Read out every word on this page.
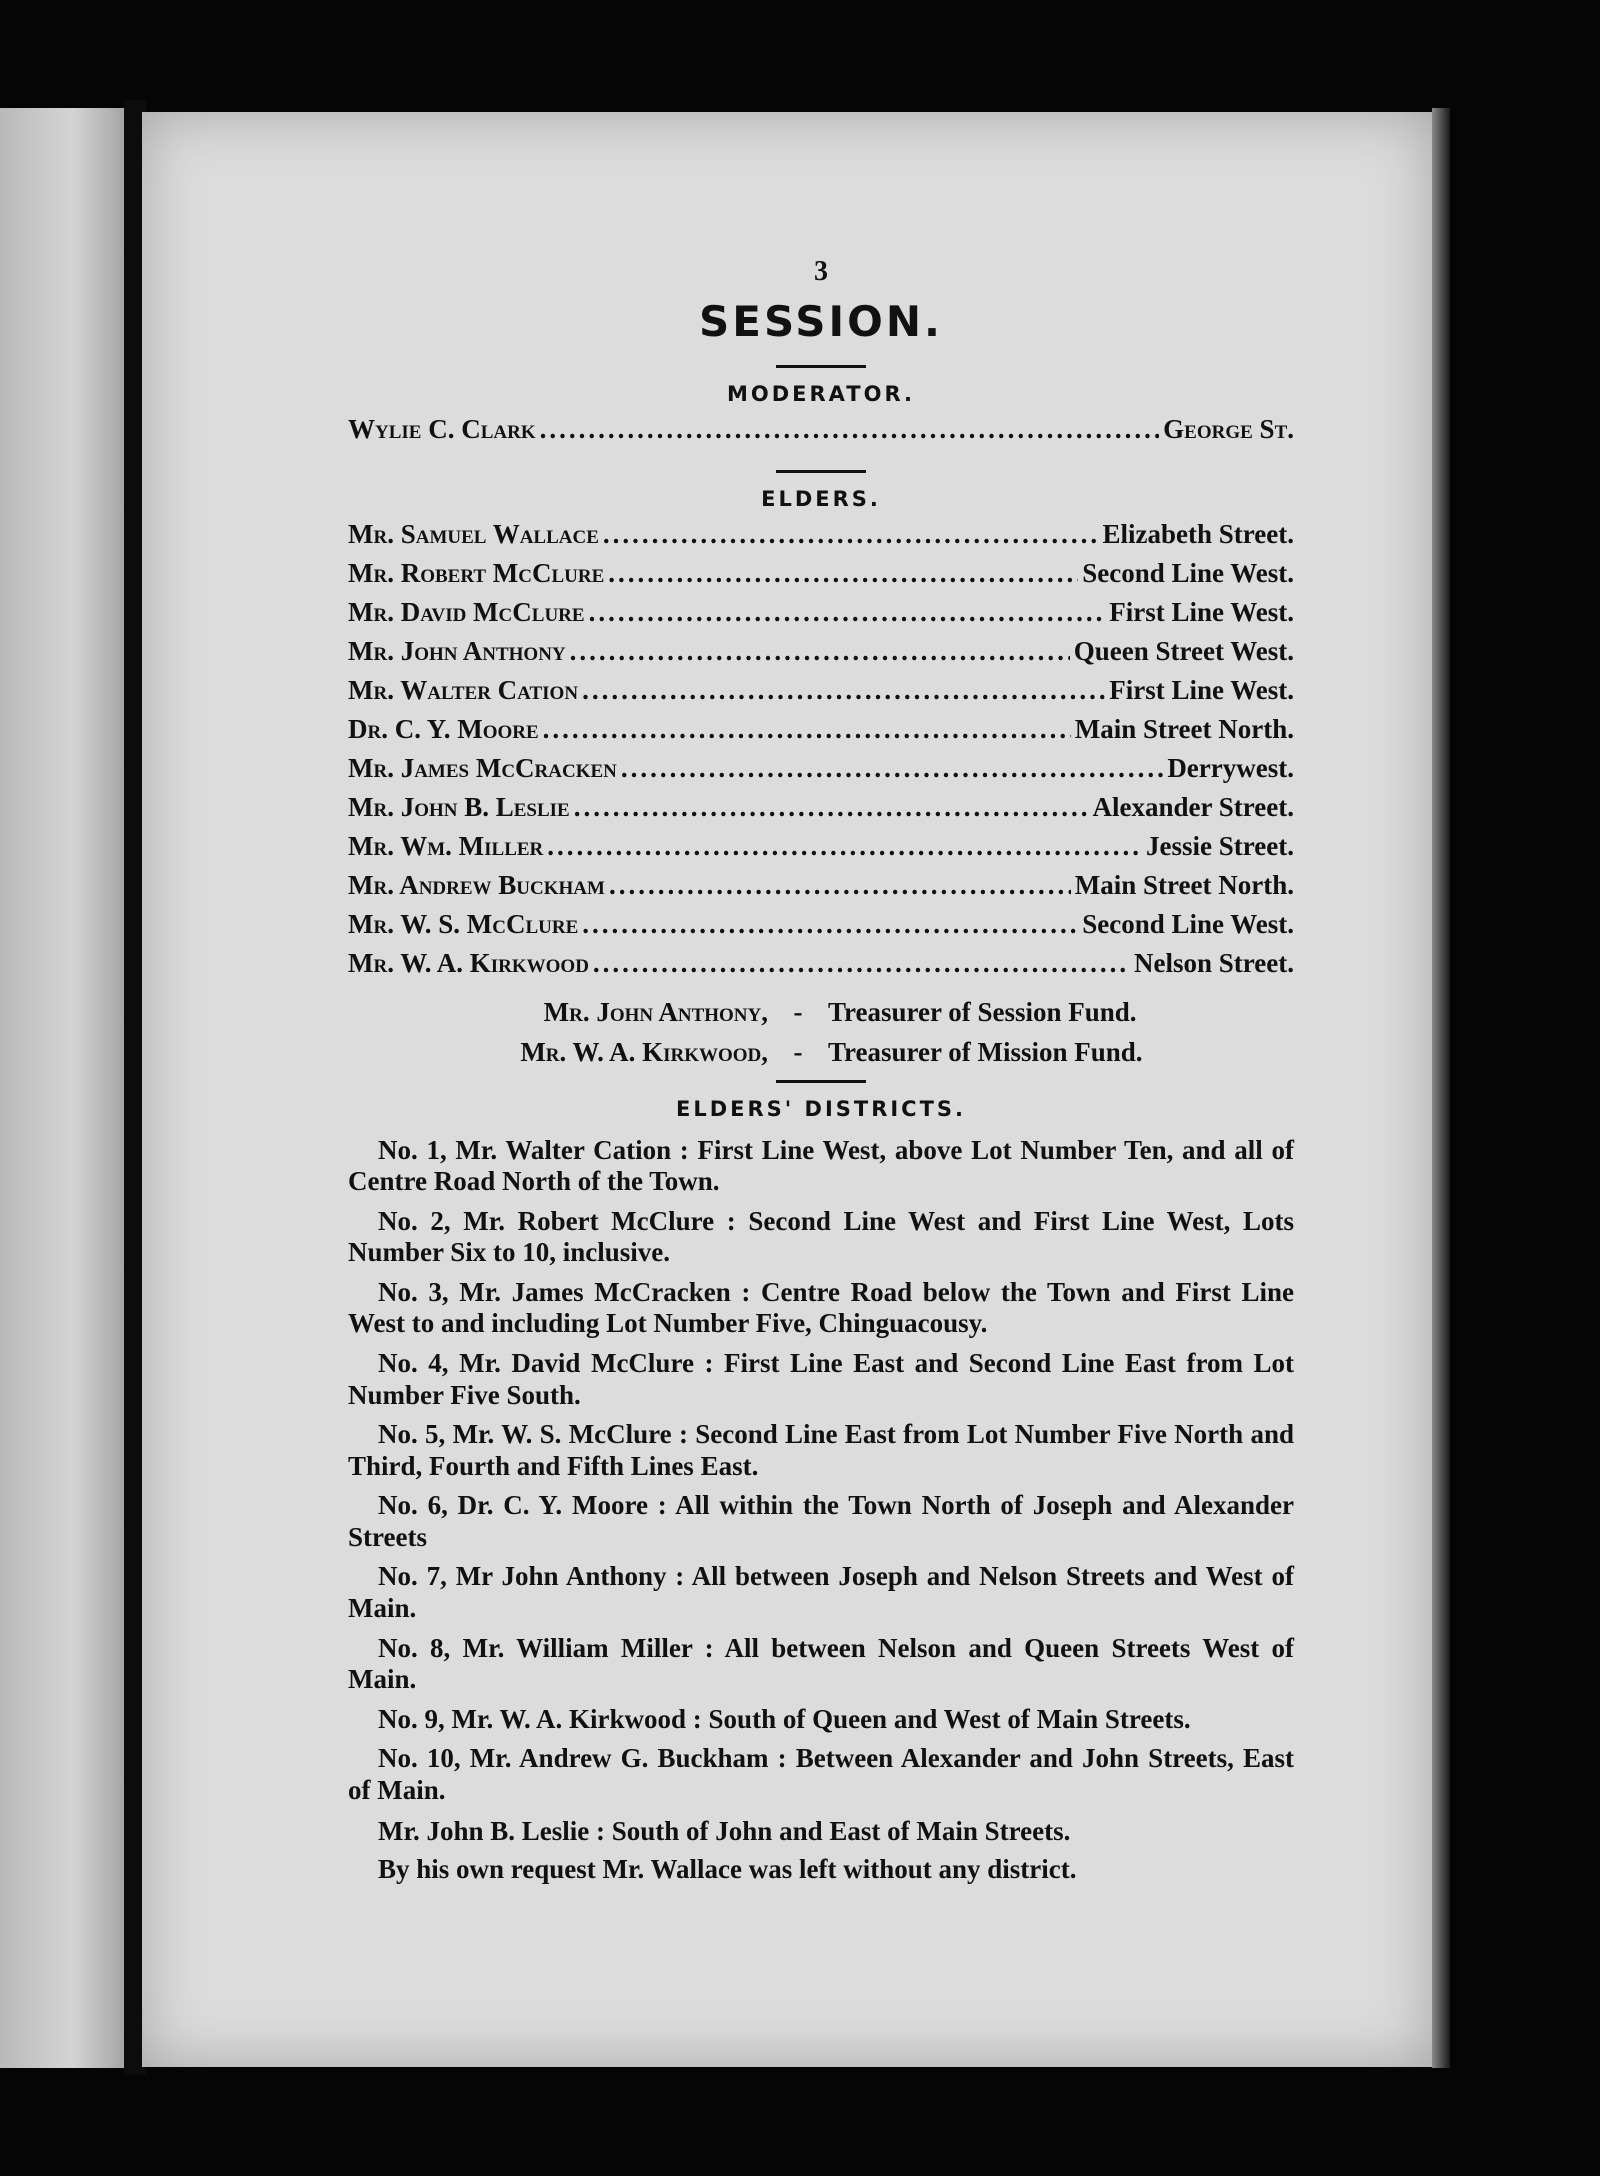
3
SESSION.
MODERATOR.
Wylie C. Clark .....	George St.
ELDERS.
Mr. Samuel Wallace .....	Elizabeth Street.
Mr. Robert McClure .....	Second Line West.
Mr. David McClure .....	First Line West.
Mr. John Anthony .....	Queen Street West.
Mr. Walter Cation .....	First Line West.
Dr. C. Y. Moore .....	Main Street North.
Mr. James McCracken .....	Derrywest.
Mr. John B. Leslie .....	Alexander Street.
Mr. Wm. Miller .....	Jessie Street.
Mr. Andrew Buckham .....	Main Street North.
Mr. W. S. McClure .....	Second Line West.
Mr. W. A. Kirkwood .....	Nelson Street.
Mr. John Anthony, - Treasurer of Session Fund.
Mr. W. A. Kirkwood, - Treasurer of Mission Fund.
ELDERS' DISTRICTS.

No. 1, Mr. Walter Cation : First Line West, above Lot Number Ten, and all of Centre Road North of the Town.

No. 2, Mr. Robert McClure : Second Line West and First Line West, Lots Number Six to 10, inclusive.

No. 3, Mr. James McCracken : Centre Road below the Town and First Line West to and including Lot Number Five, Chinguacousy.

No. 4, Mr. David McClure : First Line East and Second Line East from Lot Number Five South.

No. 5, Mr. W. S. McClure : Second Line East from Lot Number Five North and Third, Fourth and Fifth Lines East.

No. 6, Dr. C. Y. Moore : All within the Town North of Joseph and Alexander Streets

No. 7, Mr John Anthony : All between Joseph and Nelson Streets and West of Main.

No. 8, Mr. William Miller : All between Nelson and Queen Streets West of Main.

No. 9, Mr. W. A. Kirkwood : South of Queen and West of Main Streets.

No. 10, Mr. Andrew G. Buckham : Between Alexander and John Streets, East of Main.

Mr. John B. Leslie : South of John and East of Main Streets.

By his own request Mr. Wallace was left without any district.
